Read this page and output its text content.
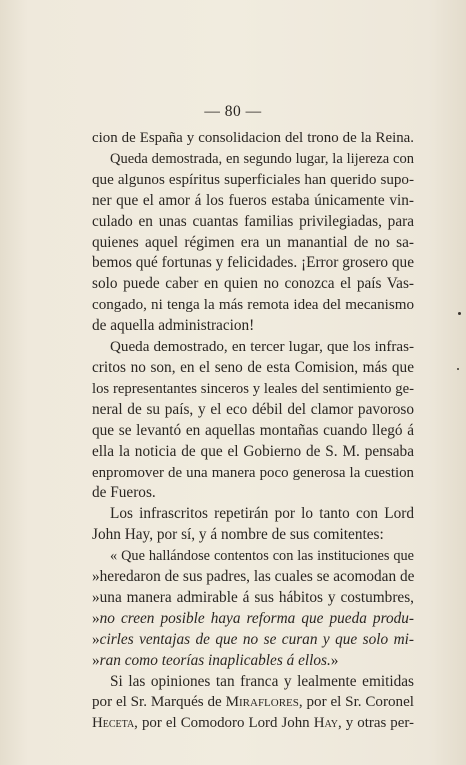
— 80 —
cion de España y consolidacion del trono de la Reina.
Queda demostrada, en segundo lugar, la lijereza con
que algunos espíritus superficiales han querido supo-
ner que el amor á los fueros estaba únicamente vin-
culado en unas cuantas familias privilegiadas, para
quienes aquel régimen era un manantial de no sa-
bemos qué fortunas y felicidades. ¡Error grosero que
solo puede caber en quien no conozca el país Vas-
congado, ni tenga la más remota idea del mecanismo
de aquella administracion!
Queda demostrado, en tercer lugar, que los infras-
critos no son, en el seno de esta Comision, más que
los representantes sinceros y leales del sentimiento ge-
neral de su país, y el eco débil del clamor pavoroso
que se levantó en aquellas montañas cuando llegó á
ella la noticia de que el Gobierno de S. M. pensaba
enpromover de una manera poco generosa la cuestion
de Fueros.
Los infrascritos repetirán por lo tanto con Lord
John Hay, por sí, y á nombre de sus comitentes:
« Que hallándose contentos con las instituciones que
»heredaron de sus padres, las cuales se acomodan de
»una manera admirable á sus hábitos y costumbres,
»no creen posible haya reforma que pueda produ-
»cirles ventajas de que no se curan y que solo mi-
»ran como teorías inaplicables á ellos.»
Si las opiniones tan franca y lealmente emitidas
por el Sr. Marqués de Miraflores, por el Sr. Coronel
Heceta, por el Comodoro Lord John Hay, y otras per-
